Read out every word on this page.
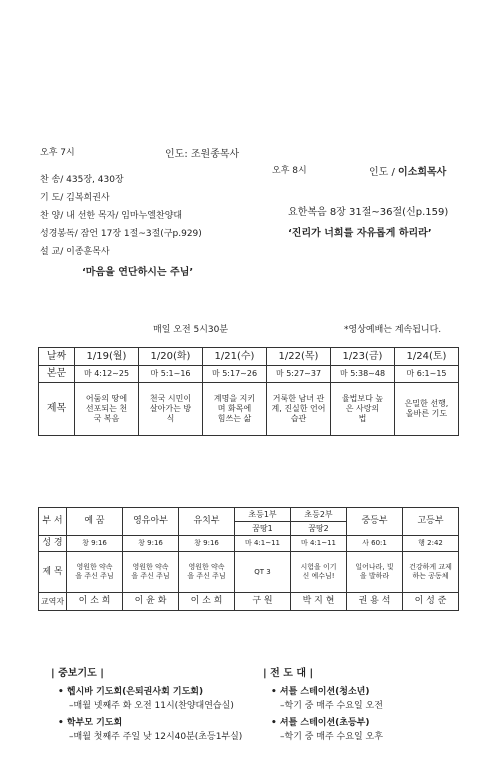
오후 7시	인도: 조원종목사
찬 송/ 435장, 430장
기 도/ 김복희권사
찬 양/ 내 선한 목자/ 임마누엘찬양대
성경봉독/ 잠언 17장 1절~3절(구p.929)
설 교/ 이종훈목사
‘마음을 연단하시는 주님’
오후 8시	인도 / 이소희목사
요한복음 8장 31절~36절(신p.159)
‘진리가 너희를 자유롭게 하리라’
매일 오전 5시30분	*영상예배는 계속됩니다.
날짜	1/19(월)	1/20(화)	1/21(수)	1/22(목)	1/23(금)	1/24(토)
본문	마 4:12~25	마 5:1~16	마 5:17~26	마 5:27~37	마 5:38~48	마 6:1~15
제목	어둠의 땅에 선포되는 천국 복음	천국 시민이 살아가는 방식	계명을 지키며 화목에 힘쓰는 삶	거룩한 남녀 관계, 진실한 언어 습관	율법보다 높은 사랑의 법	은밀한 선행, 올바른 기도
부 서	예 꿈	영유아부	유치부	초등1부	초등2부	중등부	고등부
				꿈땅1	꿈땅2		
성 경	창 9:16	창 9:16	창 9:16	마 4:1~11	마 4:1~11	사 60:1	행 2:42
제 목	영원한 약속을 주신 주님	영원한 약속을 주신 주님	영원한 약속을 주신 주님	QT 3	시험을 이기신 예수님!	일어나라, 빛을 발하라	건강하게 교제하는 공동체
교역자	이 소 희	이 윤 화	이 소 희	구 원	박 지 현	권 용 석	이 성 준
| 중보기도 |
• 헵시바 기도회(은퇴권사회 기도회)
–매월 넷째주 화 오전 11시(찬양대연습실)
• 학부모 기도회
–매월 첫째주 주일 낮 12시40분(초등1부실)
| 전 도 대 |
• 셔틀 스테이션(청소년)
–학기 중 매주 수요일 오전
• 셔틀 스테이션(초등부)
–학기 중 매주 수요일 오후
